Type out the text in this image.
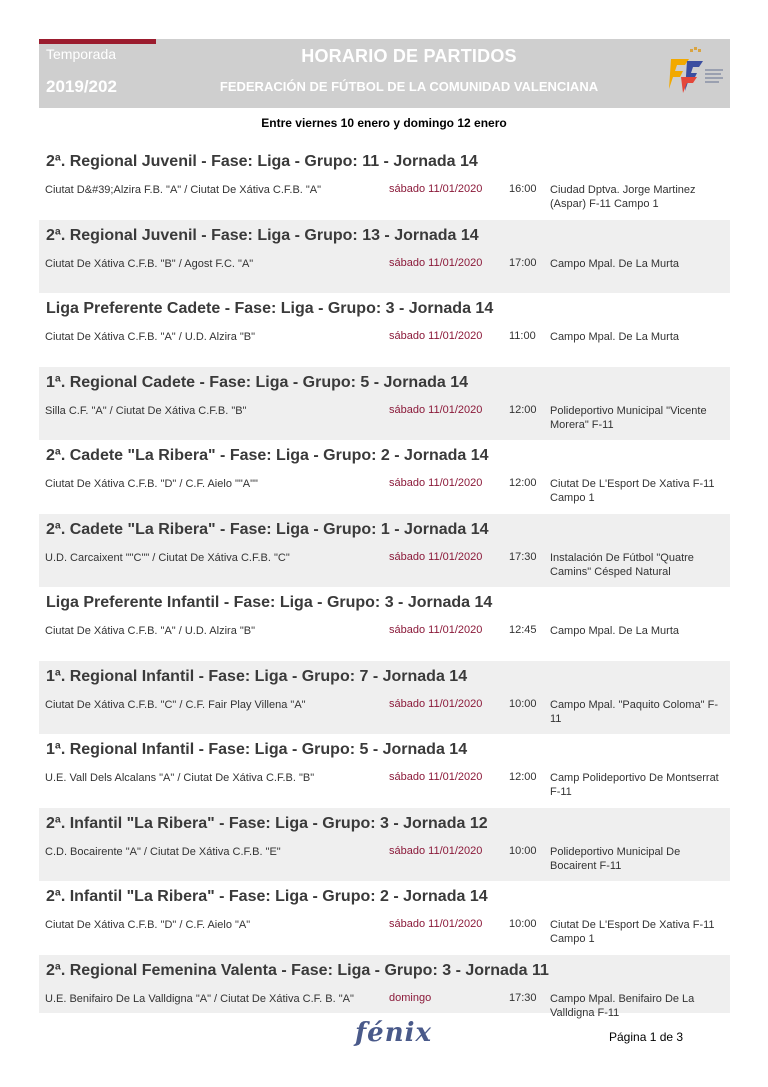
Temporada
2019/202
HORARIO DE PARTIDOS
FEDERACIÓN DE FÚTBOL DE LA COMUNIDAD VALENCIANA
Entre viernes 10 enero y domingo 12 enero
2ª. Regional Juvenil - Fase: Liga - Grupo: 11 - Jornada 14
Ciutat D&#39;Alzira F.B. "A" / Ciutat De Xátiva C.F.B. "A"	sábado 11/01/2020 16:00 Ciudad Dptva. Jorge Martinez (Aspar) F-11 Campo 1
2ª. Regional Juvenil - Fase: Liga - Grupo: 13 - Jornada 14
Ciutat De Xátiva C.F.B. "B" / Agost F.C. "A"	sábado 11/01/2020 17:00 Campo Mpal. De La Murta
Liga Preferente Cadete - Fase: Liga - Grupo: 3 - Jornada 14
Ciutat De Xátiva C.F.B. "A" / U.D. Alzira "B"	sábado 11/01/2020 11:00 Campo Mpal. De La Murta
1ª. Regional Cadete - Fase: Liga - Grupo: 5 - Jornada 14
Silla C.F. "A" / Ciutat De Xátiva C.F.B. "B"	sábado 11/01/2020 12:00 Polideportivo Municipal "Vicente Morera" F-11
2ª. Cadete "La Ribera" - Fase: Liga - Grupo: 2 - Jornada 14
Ciutat De Xátiva C.F.B. "D" / C.F. Aielo ""A""	sábado 11/01/2020 12:00 Ciutat De L'Esport De Xativa F-11 Campo 1
2ª. Cadete "La Ribera" - Fase: Liga - Grupo: 1 - Jornada 14
U.D. Carcaixent ""C"" / Ciutat De Xátiva C.F.B. "C"	sábado 11/01/2020 17:30 Instalación De Fútbol "Quatre Camins" Césped Natural
Liga Preferente Infantil - Fase: Liga - Grupo: 3 - Jornada 14
Ciutat De Xátiva C.F.B. "A" / U.D. Alzira "B"	sábado 11/01/2020 12:45 Campo Mpal. De La Murta
1ª. Regional Infantil - Fase: Liga - Grupo: 7 - Jornada 14
Ciutat De Xátiva C.F.B. "C" / C.F. Fair Play Villena "A"	sábado 11/01/2020 10:00 Campo Mpal. "Paquito Coloma" F-11
1ª. Regional Infantil - Fase: Liga - Grupo: 5 - Jornada 14
U.E. Vall Dels Alcalans "A" / Ciutat De Xátiva C.F.B. "B"	sábado 11/01/2020 12:00 Camp Polideportivo De Montserrat F-11
2ª. Infantil "La Ribera" - Fase: Liga - Grupo: 3 - Jornada 12
C.D. Bocairente "A" / Ciutat De Xátiva C.F.B. "E"	sábado 11/01/2020 10:00 Polideportivo Municipal De Bocairent F-11
2ª. Infantil "La Ribera" - Fase: Liga - Grupo: 2 - Jornada 14
Ciutat De Xátiva C.F.B. "D" / C.F. Aielo "A"	sábado 11/01/2020 10:00 Ciutat De L'Esport De Xativa F-11 Campo 1
2ª. Regional Femenina Valenta - Fase: Liga - Grupo: 3 - Jornada 11
U.E. Benifairo De La Valldigna "A" / Ciutat De Xátiva C.F. B. "A"	domingo	17:30 Campo Mpal. Benifairo De La Valldigna F-11
fénix	Página 1 de 3
